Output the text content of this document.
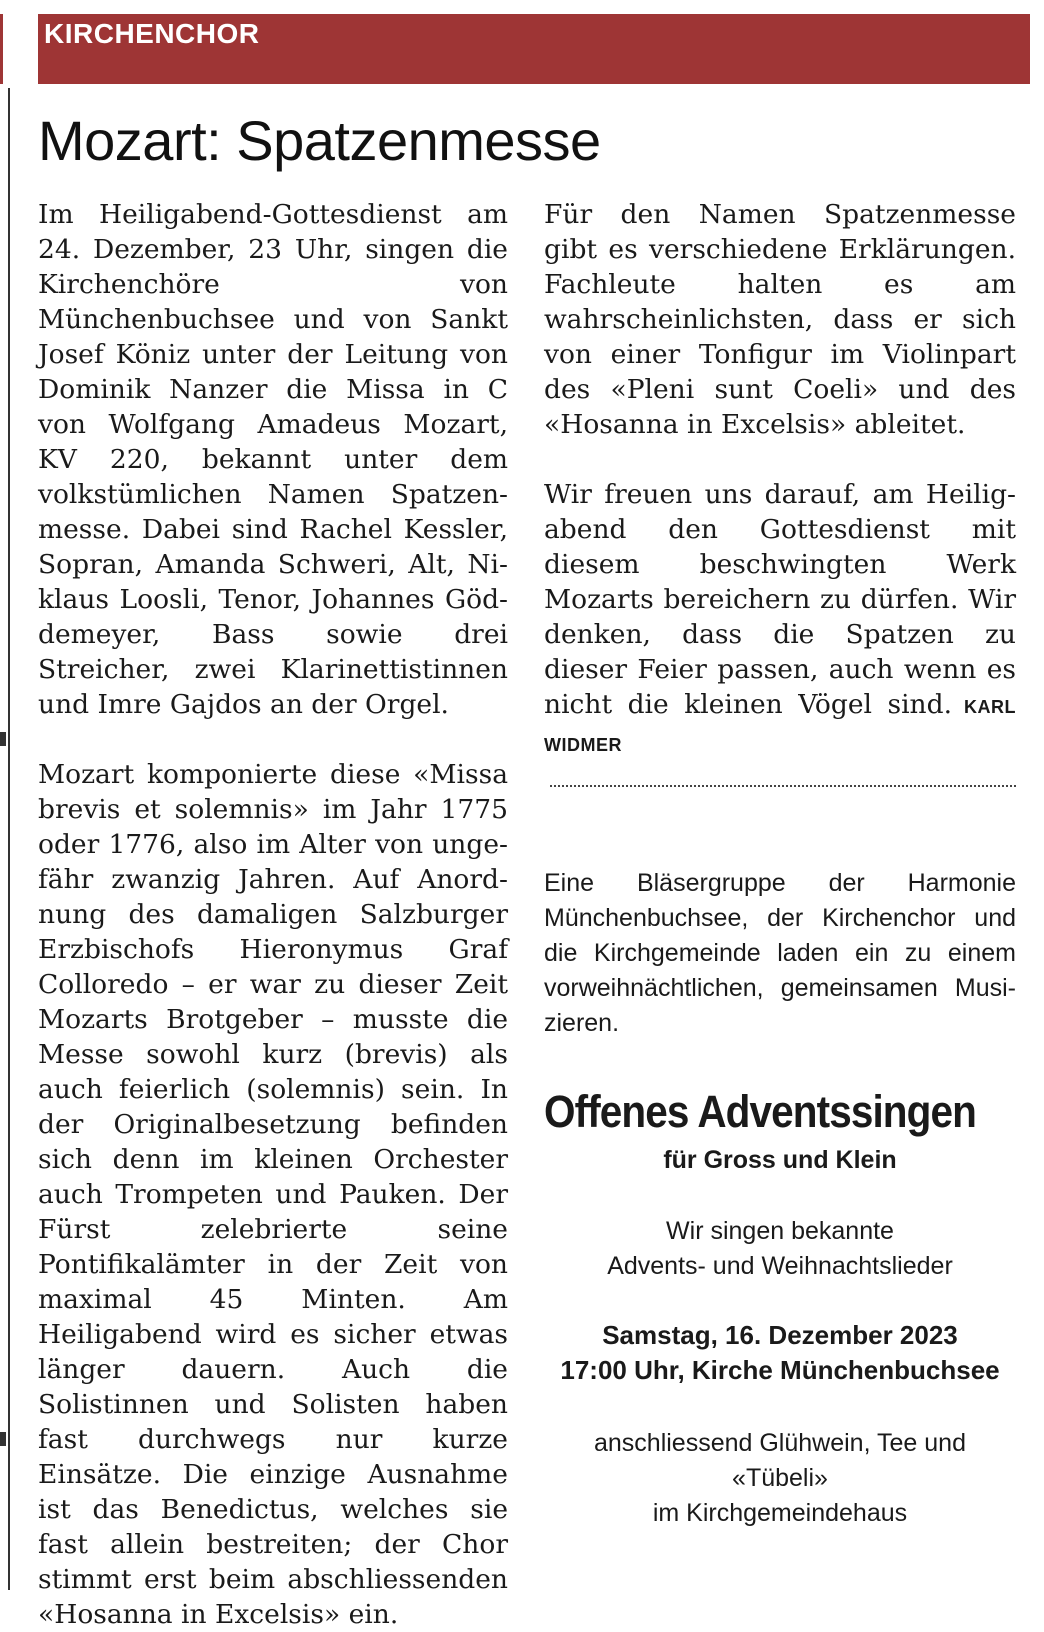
KIRCHENCHOR
Mozart: Spatzenmesse

Im Heiligabend-Gottesdienst am 24. Dezember, 23 Uhr, singen die Kirchenchöre von Münchenbuchsee und von Sankt Josef Köniz unter der Leitung von Dominik Nanzer die Missa in C von Wolfgang Amadeus Mozart, KV 220, bekannt unter dem volkstümlichen Namen Spatzenmesse. Dabei sind Rachel Kessler, Sopran, Amanda Schweri, Alt, Niklaus Loosli, Tenor, Johannes Göddemeyer, Bass sowie drei Streicher, zwei Klarinettistinnen und Imre Gajdos an der Orgel.

Mozart komponierte diese «Missa brevis et solemnis» im Jahr 1775 oder 1776, also im Alter von ungefähr zwanzig Jahren. Auf Anordnung des damaligen Salzburger Erzbischofs Hieronymus Graf Colloredo – er war zu dieser Zeit Mozarts Brotgeber – musste die Messe sowohl kurz (brevis) als auch feierlich (solemnis) sein. In der Originalbesetzung befinden sich denn im kleinen Orchester auch Trompeten und Pauken. Der Fürst zelebrierte seine Pontifikalämter in der Zeit von maximal 45 Minten. Am Heiligabend wird es sicher etwas länger dauern. Auch die Solistinnen und Solisten haben fast durchwegs nur kurze Einsätze. Die einzige Ausnahme ist das Benedictus, welches sie fast allein bestreiten; der Chor stimmt erst beim abschliessenden «Hosanna in Excelsis» ein.

Für den Namen Spatzenmesse gibt es verschiedene Erklärungen. Fachleute halten es am wahrscheinlichsten, dass er sich von einer Tonfigur im Violinpart des «Pleni sunt Coeli» und des «Hosanna in Excelsis» ableitet.

Wir freuen uns darauf, am Heiligabend den Gottesdienst mit diesem beschwingten Werk Mozarts bereichern zu dürfen. Wir denken, dass die Spatzen zu dieser Feier passen, auch wenn es nicht die kleinen Vögel sind. KARL WIDMER

Eine Bläsergruppe der Harmonie Münchenbuchsee, der Kirchenchor und die Kirchgemeinde laden ein zu einem vorweihnächtlichen, gemeinsamen Musizieren.

Offenes Adventssingen
für Gross und Klein
Wir singen bekannte
Advents- und Weihnachtslieder
Samstag, 16. Dezember 2023
17:00 Uhr, Kirche Münchenbuchsee
anschliessend Glühwein, Tee und «Tübeli»
im Kirchgemeindehaus
